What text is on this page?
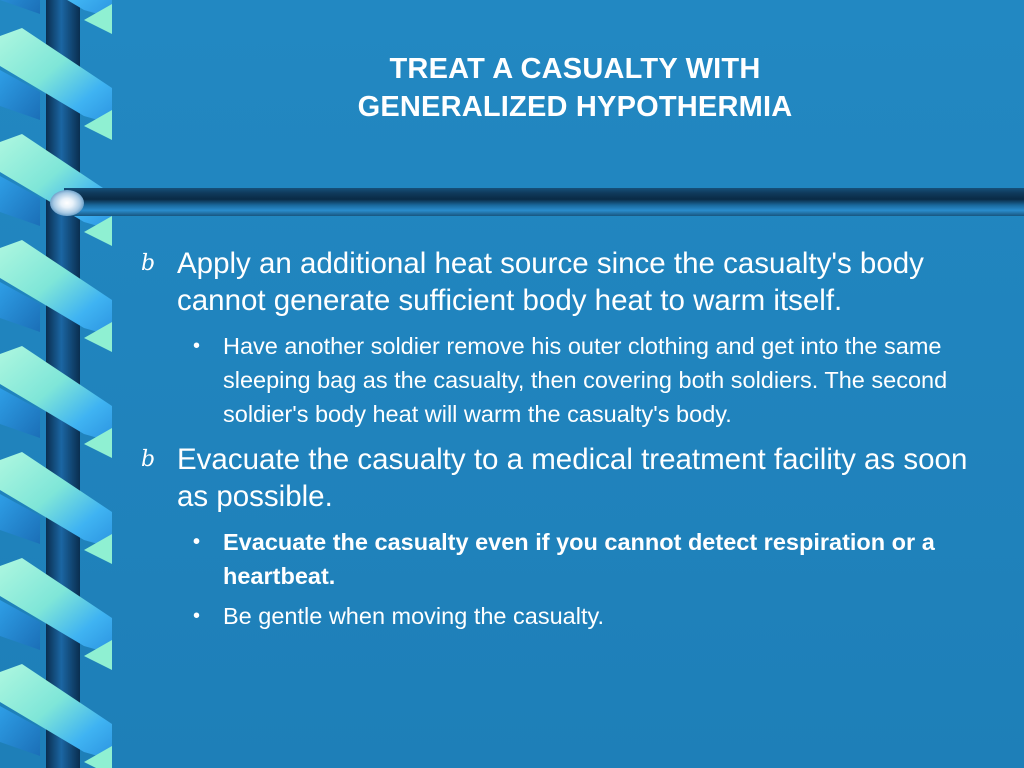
TREAT A CASUALTY WITH
GENERALIZED HYPOTHERMIA
b Apply an additional heat source since the casualty's body cannot generate sufficient body heat to warm itself.
• Have another soldier remove his outer clothing and get into the same sleeping bag as the casualty, then covering both soldiers. The second soldier's body heat will warm the casualty's body.
b Evacuate the casualty to a medical treatment facility as soon as possible.
• Evacuate the casualty even if you cannot detect respiration or a heartbeat.
• Be gentle when moving the casualty.
